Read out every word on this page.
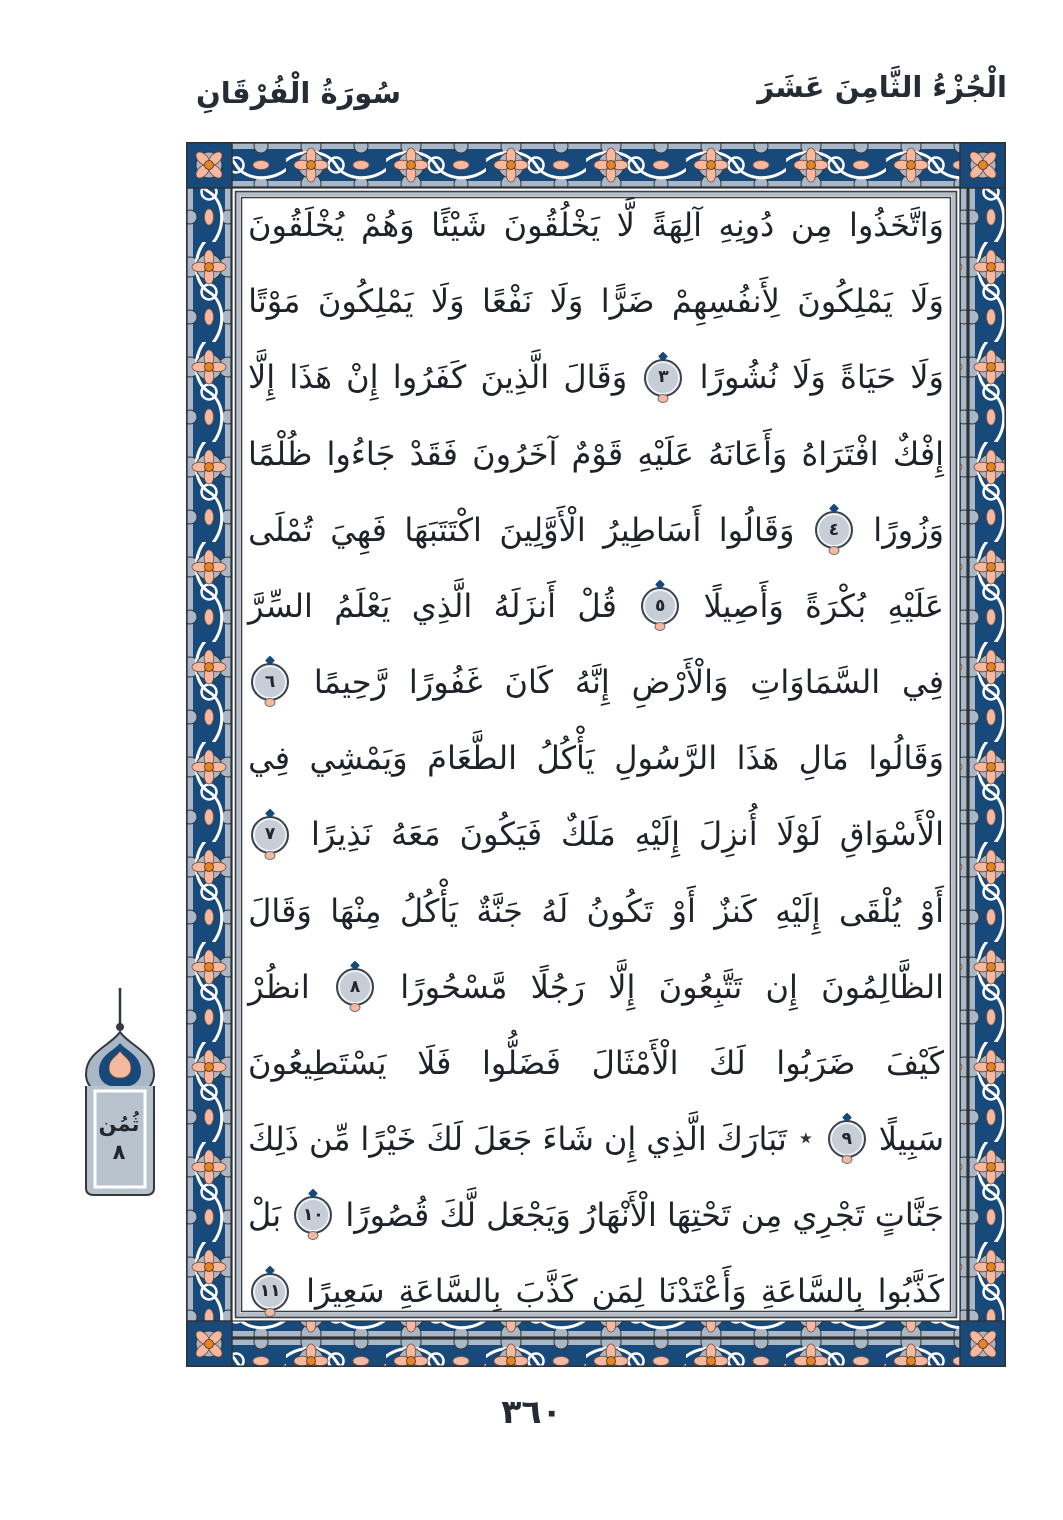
الْجُزْءُ الثَّامِنَ عَشَرَ
سُورَةُ الْفُرْقَانِ
وَاتَّخَذُوا
مِن
دُونِهِ
آلِهَةً
لَّا
يَخْلُقُونَ
شَيْئًا
وَهُمْ
يُخْلَقُونَ
وَلَا
يَمْلِكُونَ
لِأَنفُسِهِمْ
ضَرًّا
وَلَا
نَفْعًا
وَلَا
يَمْلِكُونَ
مَوْتًا
وَلَا
حَيَاةً
وَلَا
نُشُورًا
٣
وَقَالَ
الَّذِينَ
كَفَرُوا
إِنْ
هَذَا
إِلَّا
إِفْكٌ
افْتَرَاهُ
وَأَعَانَهُ
عَلَيْهِ
قَوْمٌ
آخَرُونَ
فَقَدْ
جَاءُوا
ظُلْمًا
وَزُورًا
٤
وَقَالُوا
أَسَاطِيرُ
الْأَوَّلِينَ
اكْتَتَبَهَا
فَهِيَ
تُمْلَى
عَلَيْهِ
بُكْرَةً
وَأَصِيلًا
٥
قُلْ
أَنزَلَهُ
الَّذِي
يَعْلَمُ
السِّرَّ
فِي
السَّمَاوَاتِ
وَالْأَرْضِ
إِنَّهُ
كَانَ
غَفُورًا
رَّحِيمًا
٦
وَقَالُوا
مَالِ
هَذَا
الرَّسُولِ
يَأْكُلُ
الطَّعَامَ
وَيَمْشِي
فِي
الْأَسْوَاقِ
لَوْلَا
أُنزِلَ
إِلَيْهِ
مَلَكٌ
فَيَكُونَ
مَعَهُ
نَذِيرًا
٧
أَوْ
يُلْقَى
إِلَيْهِ
كَنزٌ
أَوْ
تَكُونُ
لَهُ
جَنَّةٌ
يَأْكُلُ
مِنْهَا
وَقَالَ
الظَّالِمُونَ
إِن
تَتَّبِعُونَ
إِلَّا
رَجُلًا
مَّسْحُورًا
٨
انظُرْ
كَيْفَ
ضَرَبُوا
لَكَ
الْأَمْثَالَ
فَضَلُّوا
فَلَا
يَسْتَطِيعُونَ
سَبِيلًا
٩
٭
تَبَارَكَ
الَّذِي
إِن
شَاءَ
جَعَلَ
لَكَ
خَيْرًا
مِّن
ذَلِكَ
جَنَّاتٍ
تَجْرِي
مِن
تَحْتِهَا
الْأَنْهَارُ
وَيَجْعَل
لَّكَ
قُصُورًا
١٠
بَلْ
كَذَّبُوا
بِالسَّاعَةِ
وَأَعْتَدْنَا
لِمَن
كَذَّبَ
بِالسَّاعَةِ
سَعِيرًا
١١
ثُمُن
٨
٣٦٠
